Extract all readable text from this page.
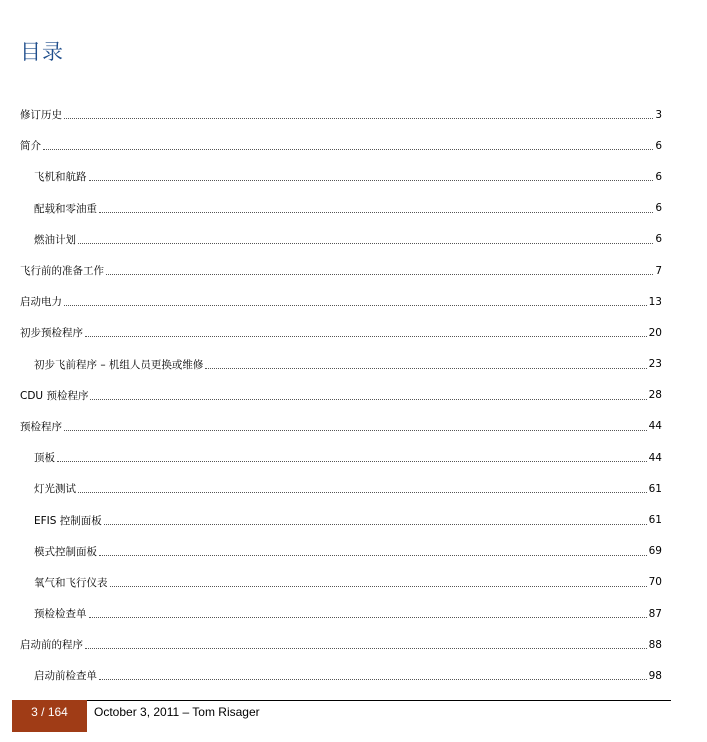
目录
修订历史	3
简介	6
飞机和航路	6
配载和零油重	6
燃油计划	6
飞行前的准备工作	7
启动电力	13
初步预检程序	20
初步飞前程序 – 机组人员更换或维修	23
CDU 预检程序	28
预检程序	44
顶板	44
灯光测试	61
EFIS 控制面板	61
模式控制面板	69
氧气和飞行仪表	70
预检检查单	87
启动前的程序	88
启动前检查单	98
3 / 164 October 3, 2011 – Tom Risager
